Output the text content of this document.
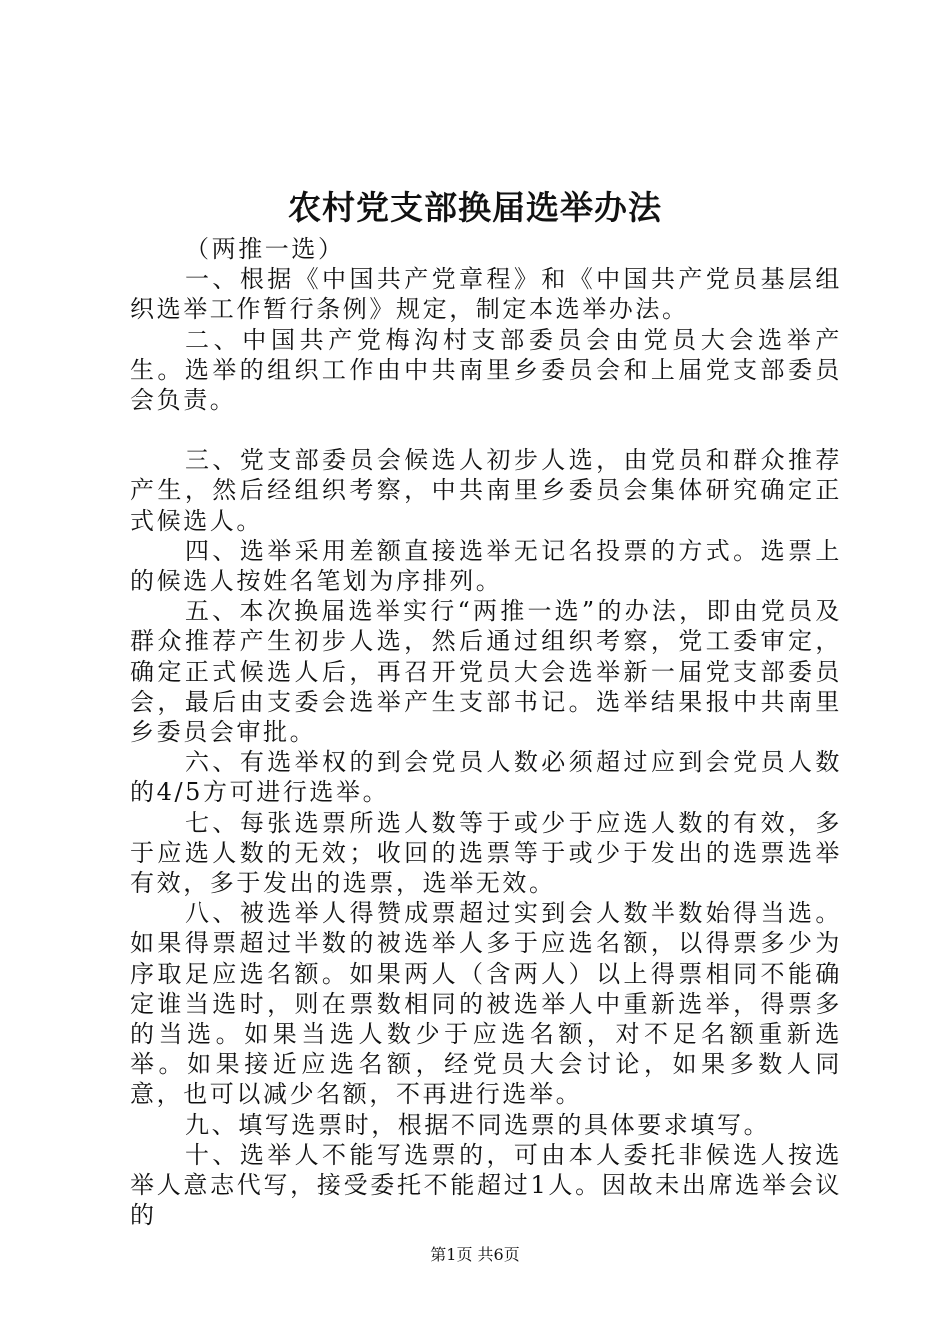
农村党支部换届选举办法

（两推一选）

一、根据《中国共产党章程》和《中国共产党员基层组织选举工作暂行条例》规定，制定本选举办法。

二、中国共产党梅沟村支部委员会由党员大会选举产生。选举的组织工作由中共南里乡委员会和上届党支部委员会负责。

三、党支部委员会候选人初步人选，由党员和群众推荐产生，然后经组织考察，中共南里乡委员会集体研究确定正式候选人。

四、选举采用差额直接选举无记名投票的方式。选票上的候选人按姓名笔划为序排列。

五、本次换届选举实行“两推一选”的办法，即由党员及群众推荐产生初步人选，然后通过组织考察，党工委审定，确定正式候选人后，再召开党员大会选举新一届党支部委员会，最后由支委会选举产生支部书记。选举结果报中共南里乡委员会审批。

六、有选举权的到会党员人数必须超过应到会党员人数的4/5方可进行选举。

七、每张选票所选人数等于或少于应选人数的有效，多于应选人数的无效；收回的选票等于或少于发出的选票选举有效，多于发出的选票，选举无效。

八、被选举人得赞成票超过实到会人数半数始得当选。如果得票超过半数的被选举人多于应选名额，以得票多少为序取足应选名额。如果两人（含两人）以上得票相同不能确定谁当选时，则在票数相同的被选举人中重新选举，得票多的当选。如果当选人数少于应选名额，对不足名额重新选举。如果接近应选名额，经党员大会讨论，如果多数人同意，也可以减少名额，不再进行选举。

九、填写选票时，根据不同选票的具体要求填写。

十、选举人不能写选票的，可由本人委托非候选人按选举人意志代写，接受委托不能超过1人。因故未出席选举会议的

第1页 共6页
